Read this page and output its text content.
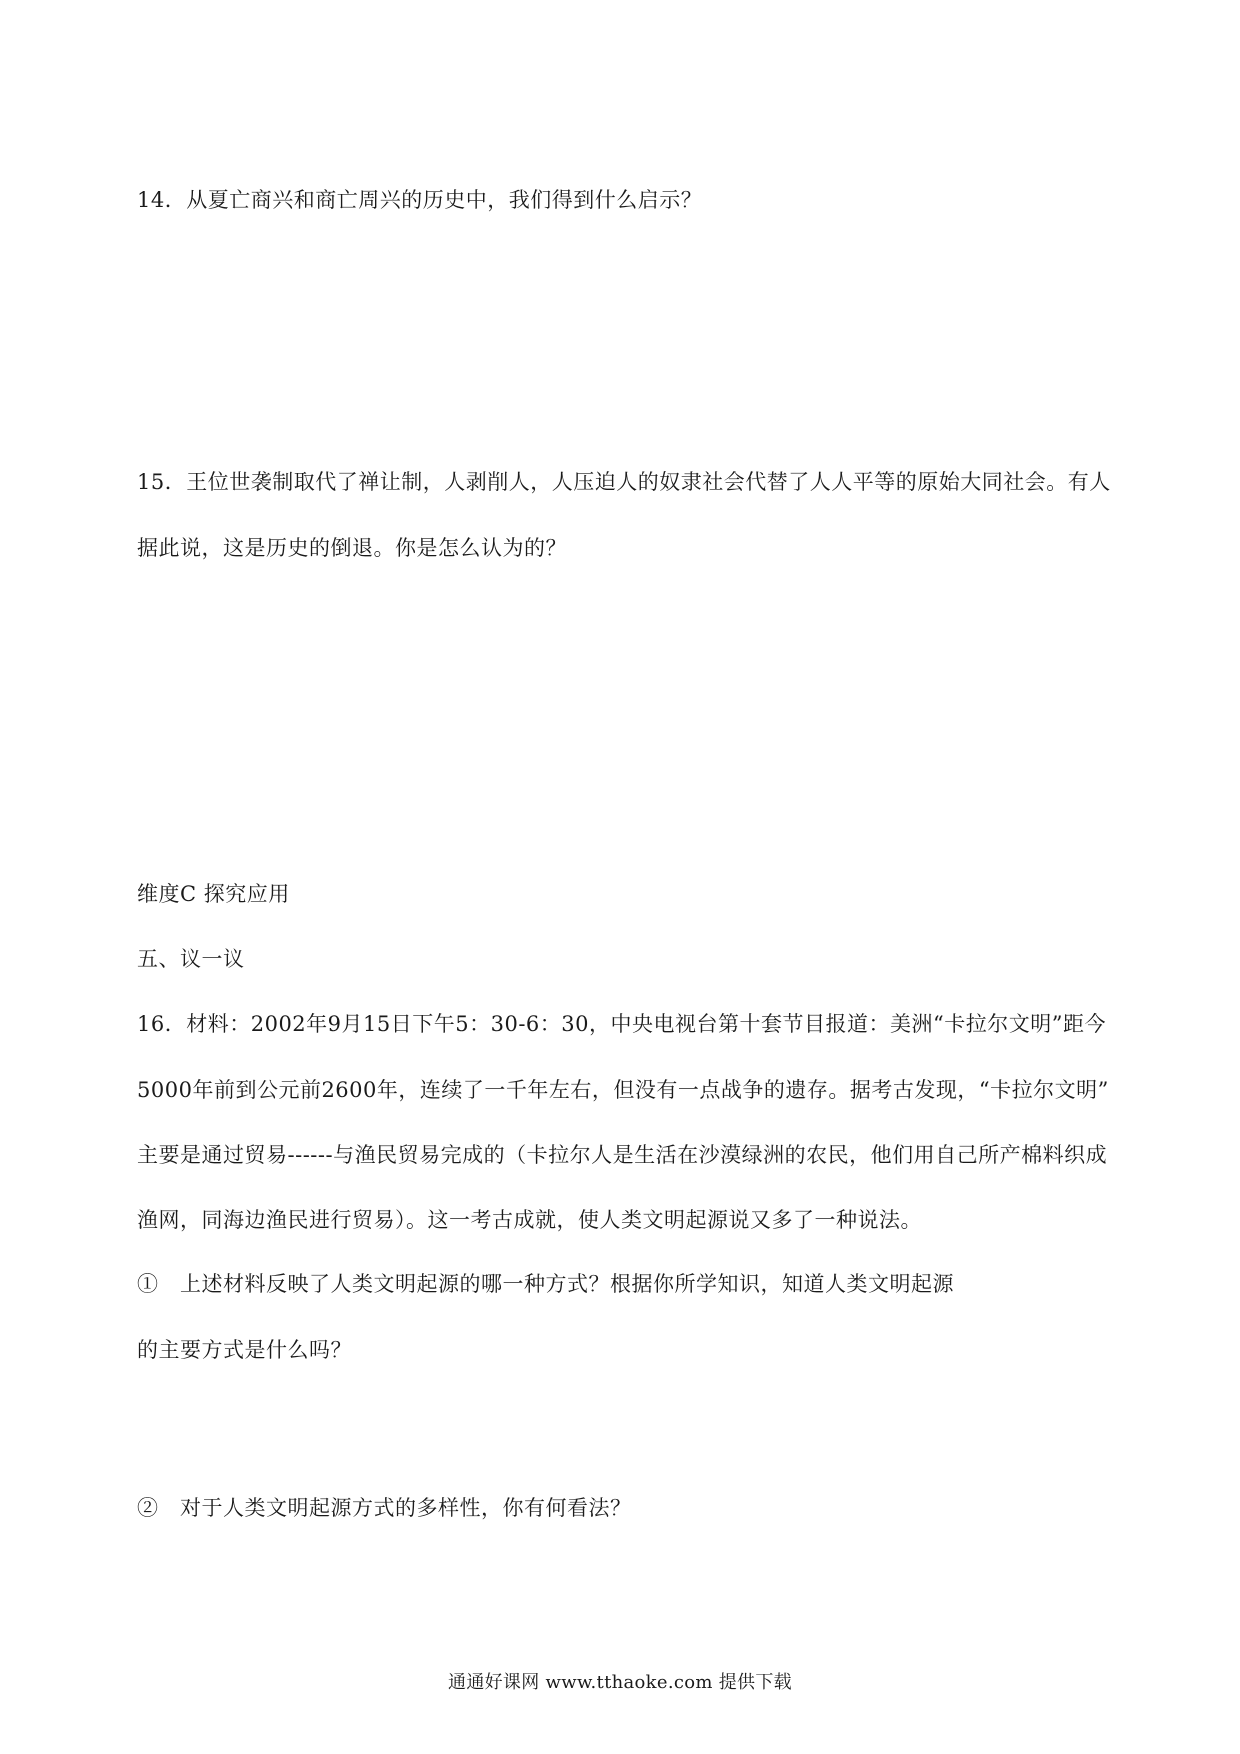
14．从夏亡商兴和商亡周兴的历史中，我们得到什么启示？
15．王位世袭制取代了禅让制，人剥削人，人压迫人的奴隶社会代替了人人平等的原始大同社会。有人
据此说，这是历史的倒退。你是怎么认为的？
维度C 探究应用
五、议一议
16．材料：2002年9月15日下午5：30-6：30，中央电视台第十套节目报道：美洲“卡拉尔文明”距今
5000年前到公元前2600年，连续了一千年左右，但没有一点战争的遗存。据考古发现，“卡拉尔文明”
主要是通过贸易------与渔民贸易完成的（卡拉尔人是生活在沙漠绿洲的农民，他们用自己所产棉料织成
渔网，同海边渔民进行贸易）。这一考古成就，使人类文明起源说又多了一种说法。
①　上述材料反映了人类文明起源的哪一种方式？根据你所学知识，知道人类文明起源
的主要方式是什么吗？
②　对于人类文明起源方式的多样性，你有何看法？
通通好课网 www.tthaoke.com 提供下载
